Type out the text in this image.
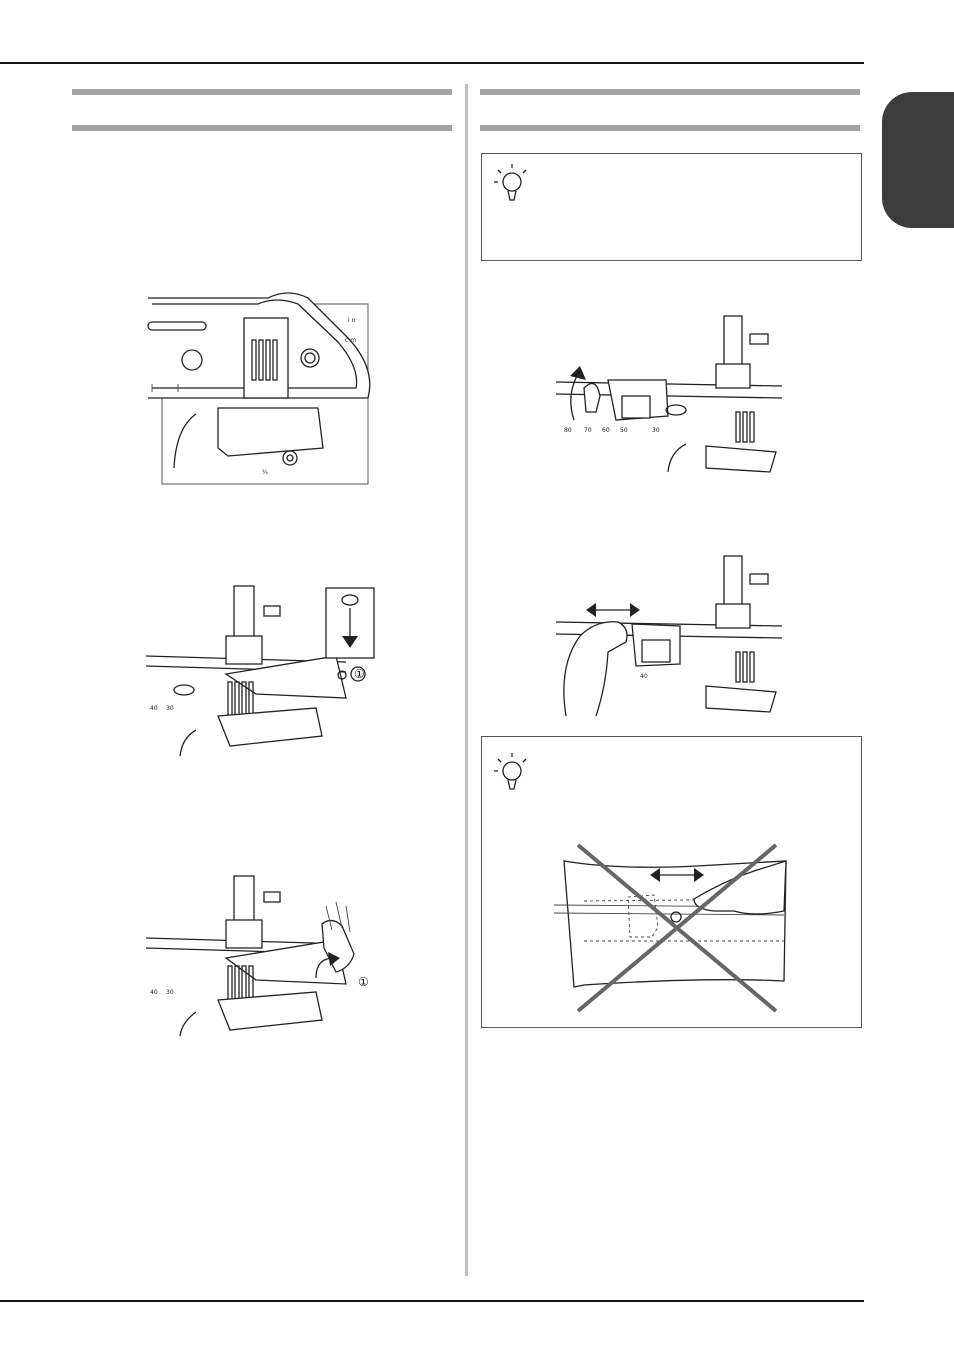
i n
c m
¼
40 30
①
40 30
①
80 70 60 50	30
40
